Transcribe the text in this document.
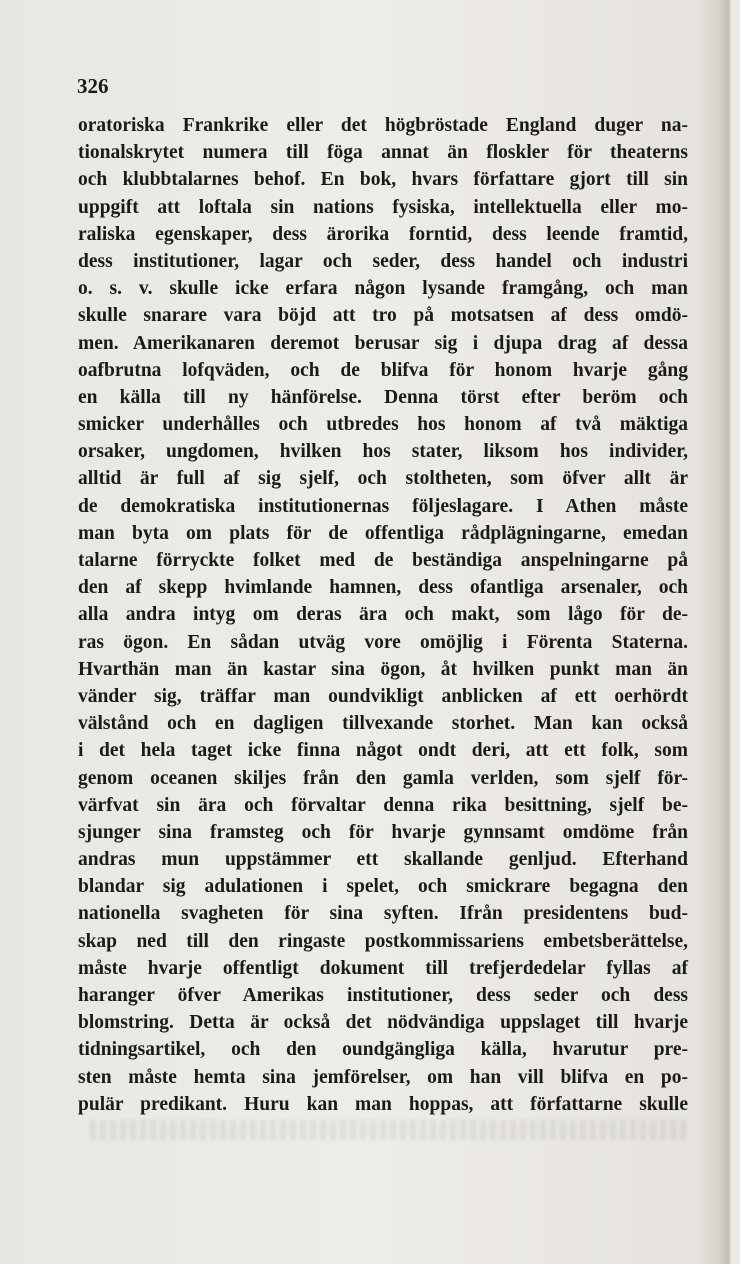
326
oratoriska Frankrike eller det högbröstade England duger na-
tionalskrytet numera till föga annat än floskler för theaterns
och klubbtalarnes behof. En bok, hvars författare gjort till sin
uppgift att loftala sin nations fysiska, intellektuella eller mo-
raliska egenskaper, dess ärorika forntid, dess leende framtid,
dess institutioner, lagar och seder, dess handel och industri
o. s. v. skulle icke erfara någon lysande framgång, och man
skulle snarare vara böjd att tro på motsatsen af dess omdö-
men. Amerikanaren deremot berusar sig i djupa drag af dessa
oafbrutna lofqväden, och de blifva för honom hvarje gång
en källa till ny hänförelse. Denna törst efter beröm och
smicker underhålles och utbredes hos honom af två mäktiga
orsaker, ungdomen, hvilken hos stater, liksom hos individer,
alltid är full af sig sjelf, och stoltheten, som öfver allt är
de demokratiska institutionernas följeslagare. I Athen måste
man byta om plats för de offentliga rådplägningarne, emedan
talarne förryckte folket med de beständiga anspelningarne på
den af skepp hvimlande hamnen, dess ofantliga arsenaler, och
alla andra intyg om deras ära och makt, som lågo för de-
ras ögon. En sådan utväg vore omöjlig i Förenta Staterna.
Hvarthän man än kastar sina ögon, åt hvilken punkt man än
vänder sig, träffar man oundvikligt anblicken af ett oerhördt
välstånd och en dagligen tillvexande storhet. Man kan också
i det hela taget icke finna något ondt deri, att ett folk, som
genom oceanen skiljes från den gamla verlden, som sjelf för-
värfvat sin ära och förvaltar denna rika besittning, sjelf be-
sjunger sina framsteg och för hvarje gynnsamt omdöme från
andras mun uppstämmer ett skallande genljud. Efterhand
blandar sig adulationen i spelet, och smickrare begagna den
nationella svagheten för sina syften. Ifrån presidentens bud-
skap ned till den ringaste postkommissariens embetsberättelse,
måste hvarje offentligt dokument till trefjerdedelar fyllas af
haranger öfver Amerikas institutioner, dess seder och dess
blomstring. Detta är också det nödvändiga uppslaget till hvarje
tidningsartikel, och den oundgängliga källa, hvarutur pre-
sten måste hemta sina jemförelser, om han vill blifva en po-
pulär predikant. Huru kan man hoppas, att författarne skulle
